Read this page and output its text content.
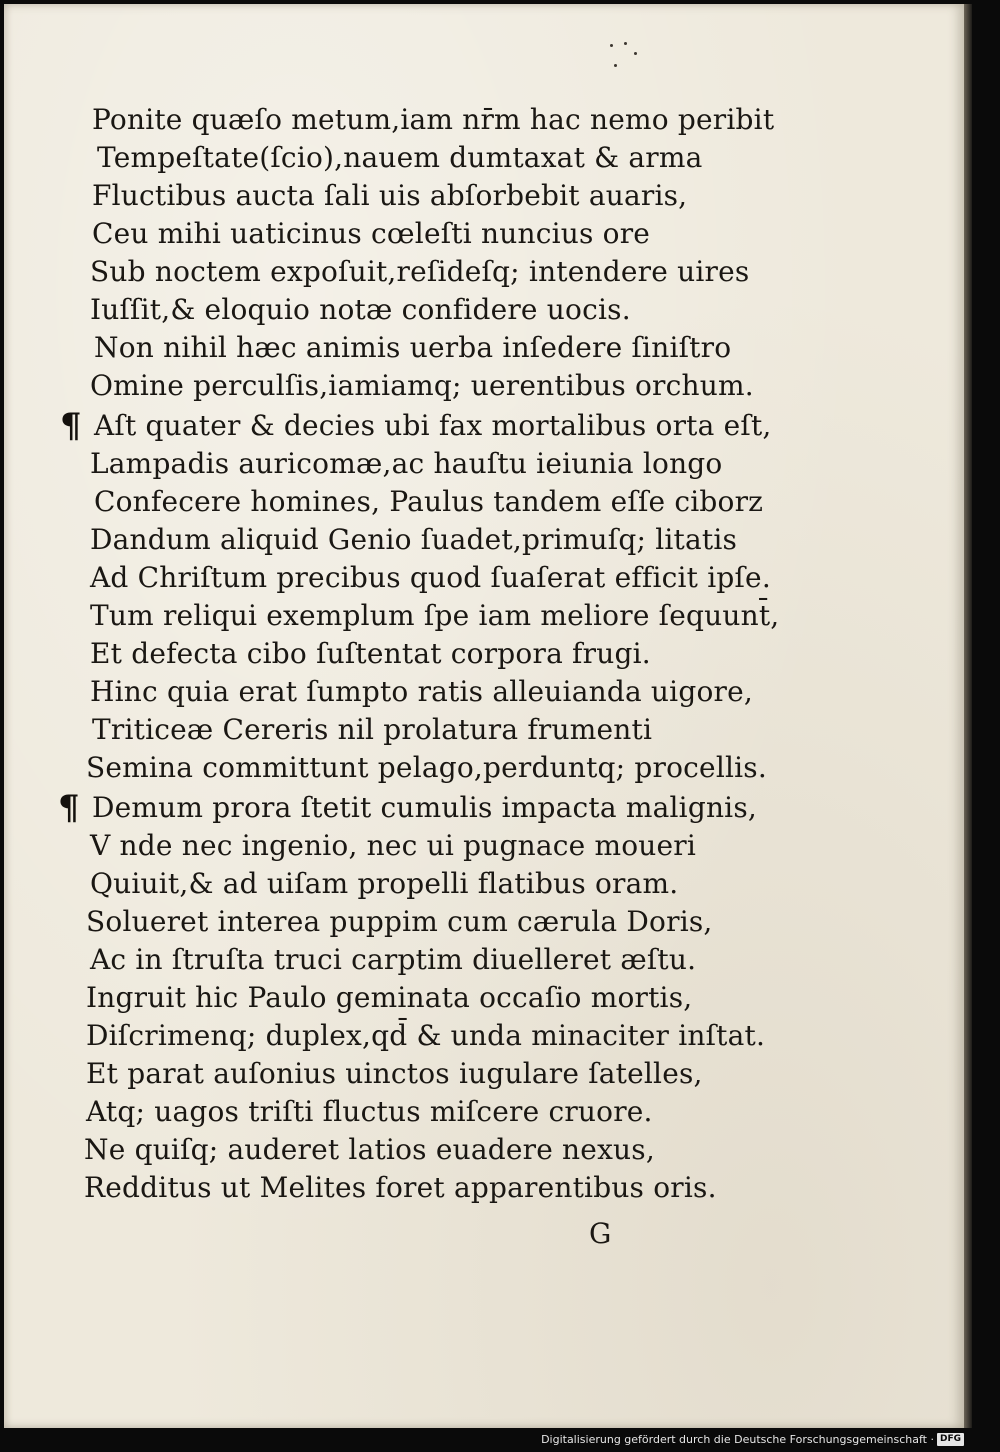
Ponite quæſo metum,iam nr̄m hac nemo peribit
Tempeſtate(ſcio),nauem dumtaxat & arma
Fluctibus aucta ſali uis abſorbebit auaris,
Ceu mihi uaticinus cœleſti nuncius ore
Sub noctem expoſuit,reſideſq; intendere uires
Iuſſit,& eloquio notæ confidere uocis.
Non nihil hæc animis uerba inſedere ſiniſtro
Omine perculſis,iamiamq; uerentibus orchum.
¶ Aſt quater & decies ubi fax mortalibus orta eſt,
Lampadis auricomæ,ac hauſtu ieiunia longo
Confecere homines, Paulus tandem eſſe ciborz
Dandum aliquid Genio ſuadet,primuſq; litatis
Ad Chriſtum precibus quod ſuaſerat efficit ipſe.
Tum reliqui exemplum ſpe iam meliore ſequunt̄,
Et defecta cibo ſuſtentat corpora frugi.
Hinc quia erat ſumpto ratis alleuianda uigore,
Triticeæ Cereris nil prolatura frumenti
Semina committunt pelago,perduntq; procellis.
¶ Demum prora ſtetit cumulis impacta malignis,
V nde nec ingenio, nec ui pugnace moueri
Quiuit,& ad uiſam propelli flatibus oram.
Solueret interea puppim cum cærula Doris,
Ac in ſtruſta truci carptim diuelleret æſtu.
Ingruit hic Paulo geminata occaſio mortis,
Diſcrimenq; duplex,qd̄ & unda minaciter inſtat.
Et parat auſonius uinctos iugulare ſatelles,
Atq; uagos triſti fluctus miſcere cruore.
Ne quiſq; auderet latios euadere nexus,
Redditus ut Melites foret apparentibus oris.
G
Digitalisierung gefördert durch die Deutsche Forschungsgemeinschaft · DFG
